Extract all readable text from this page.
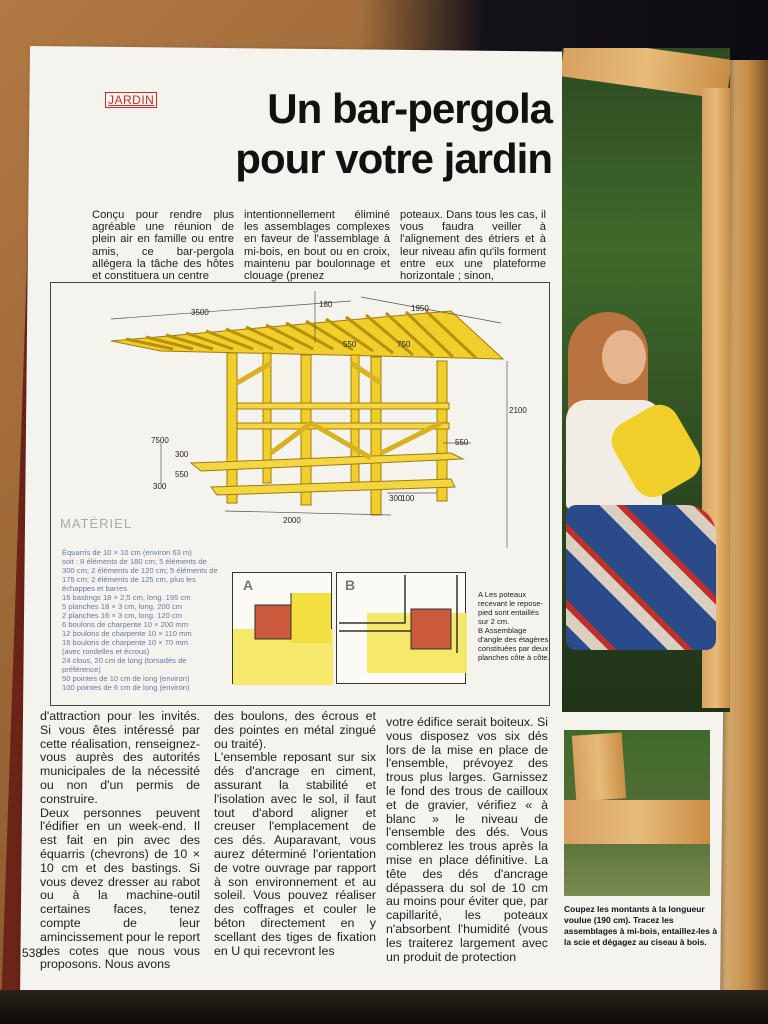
Coupez les montants à la longueur voulue (190 cm). Tracez les assemblages à mi-bois, entaillez-les à la scie et dégagez au ciseau à bois.
JARDIN	Un bar-pergola
pour votre jardin
Conçu pour rendre plus agréable une réunion de plein air en famille ou entre amis, ce bar-pergola allégera la tâche des hôtes et constituera un centre
intentionnellement éliminé les assemblages complexes en faveur de l'assemblage à mi-bois, en bout ou en croix, maintenu par boulonnage et clouage (prenez
poteaux. Dans tous les cas, il vous faudra veiller à l'alignement des étriers et à leur niveau afin qu'ils forment entre eux une plateforme horizontale ; sinon,
3500	1950
180
550	750
2100
7500
300
550
300
550
300
100
2000
MATÉRIEL
Équarris de 10 × 10 cm (environ 63 m)
soit : 8 éléments de 180 cm; 5 éléments de 300 cm; 2 éléments de 120 cm; 5 éléments de 175 cm; 2 éléments de 125 cm, plus les échappes et barres
16 bastings 18 × 2,5 cm, long. 195 cm
5 planches 18 × 3 cm, long. 200 cm
2 planches 16 × 3 cm, long. 120 cm
6 boulons de charpente 10 × 200 mm
12 boulons de charpente 10 × 110 mm
16 boulons de charpente 10 × 70 mm
(avec rondelles et écrous)
24 clous, 20 cm de long (torsadés de préférence)
50 pointes de 10 cm de long (environ)
100 pointes de 6 cm de long (environ)
A	B
A Les poteaux recevant le repose-pied sont entaillés sur 2 cm.
B Assemblage d'angle des étagères constituées par deux planches côte à côte.
d'attraction pour les invités. Si vous êtes intéressé par cette réalisation, renseignez-vous auprès des autorités municipales de la nécessité ou non d'un permis de construire.
Deux personnes peuvent l'édifier en un week-end. Il est fait en pin avec des équarris (chevrons) de 10 × 10 cm et des bastings. Si vous devez dresser au rabot ou à la machine-outil certaines faces, tenez compte de leur amincissement pour le report des cotes que nous vous proposons. Nous avons
des boulons, des écrous et des pointes en métal zingué ou traité).
L'ensemble reposant sur six dés d'ancrage en ciment, assurant la stabilité et l'isolation avec le sol, il faut tout d'abord aligner et creuser l'emplacement de ces dés. Auparavant, vous aurez déterminé l'orientation de votre ouvrage par rapport à son environnement et au soleil. Vous pouvez réaliser des coffrages et couler le béton directement en y scellant des tiges de fixation en U qui recevront les
votre édifice serait boiteux. Si vous disposez vos six dés lors de la mise en place de l'ensemble, prévoyez des trous plus larges. Garnissez le fond des trous de cailloux et de gravier, vérifiez « à blanc » le niveau de l'ensemble des dés. Vous comblerez les trous après la mise en place définitive. La tête des dés d'ancrage dépassera du sol de 10 cm au moins pour éviter que, par capillarité, les poteaux n'absorbent l'humidité (vous les traiterez largement avec un produit de protection
538
